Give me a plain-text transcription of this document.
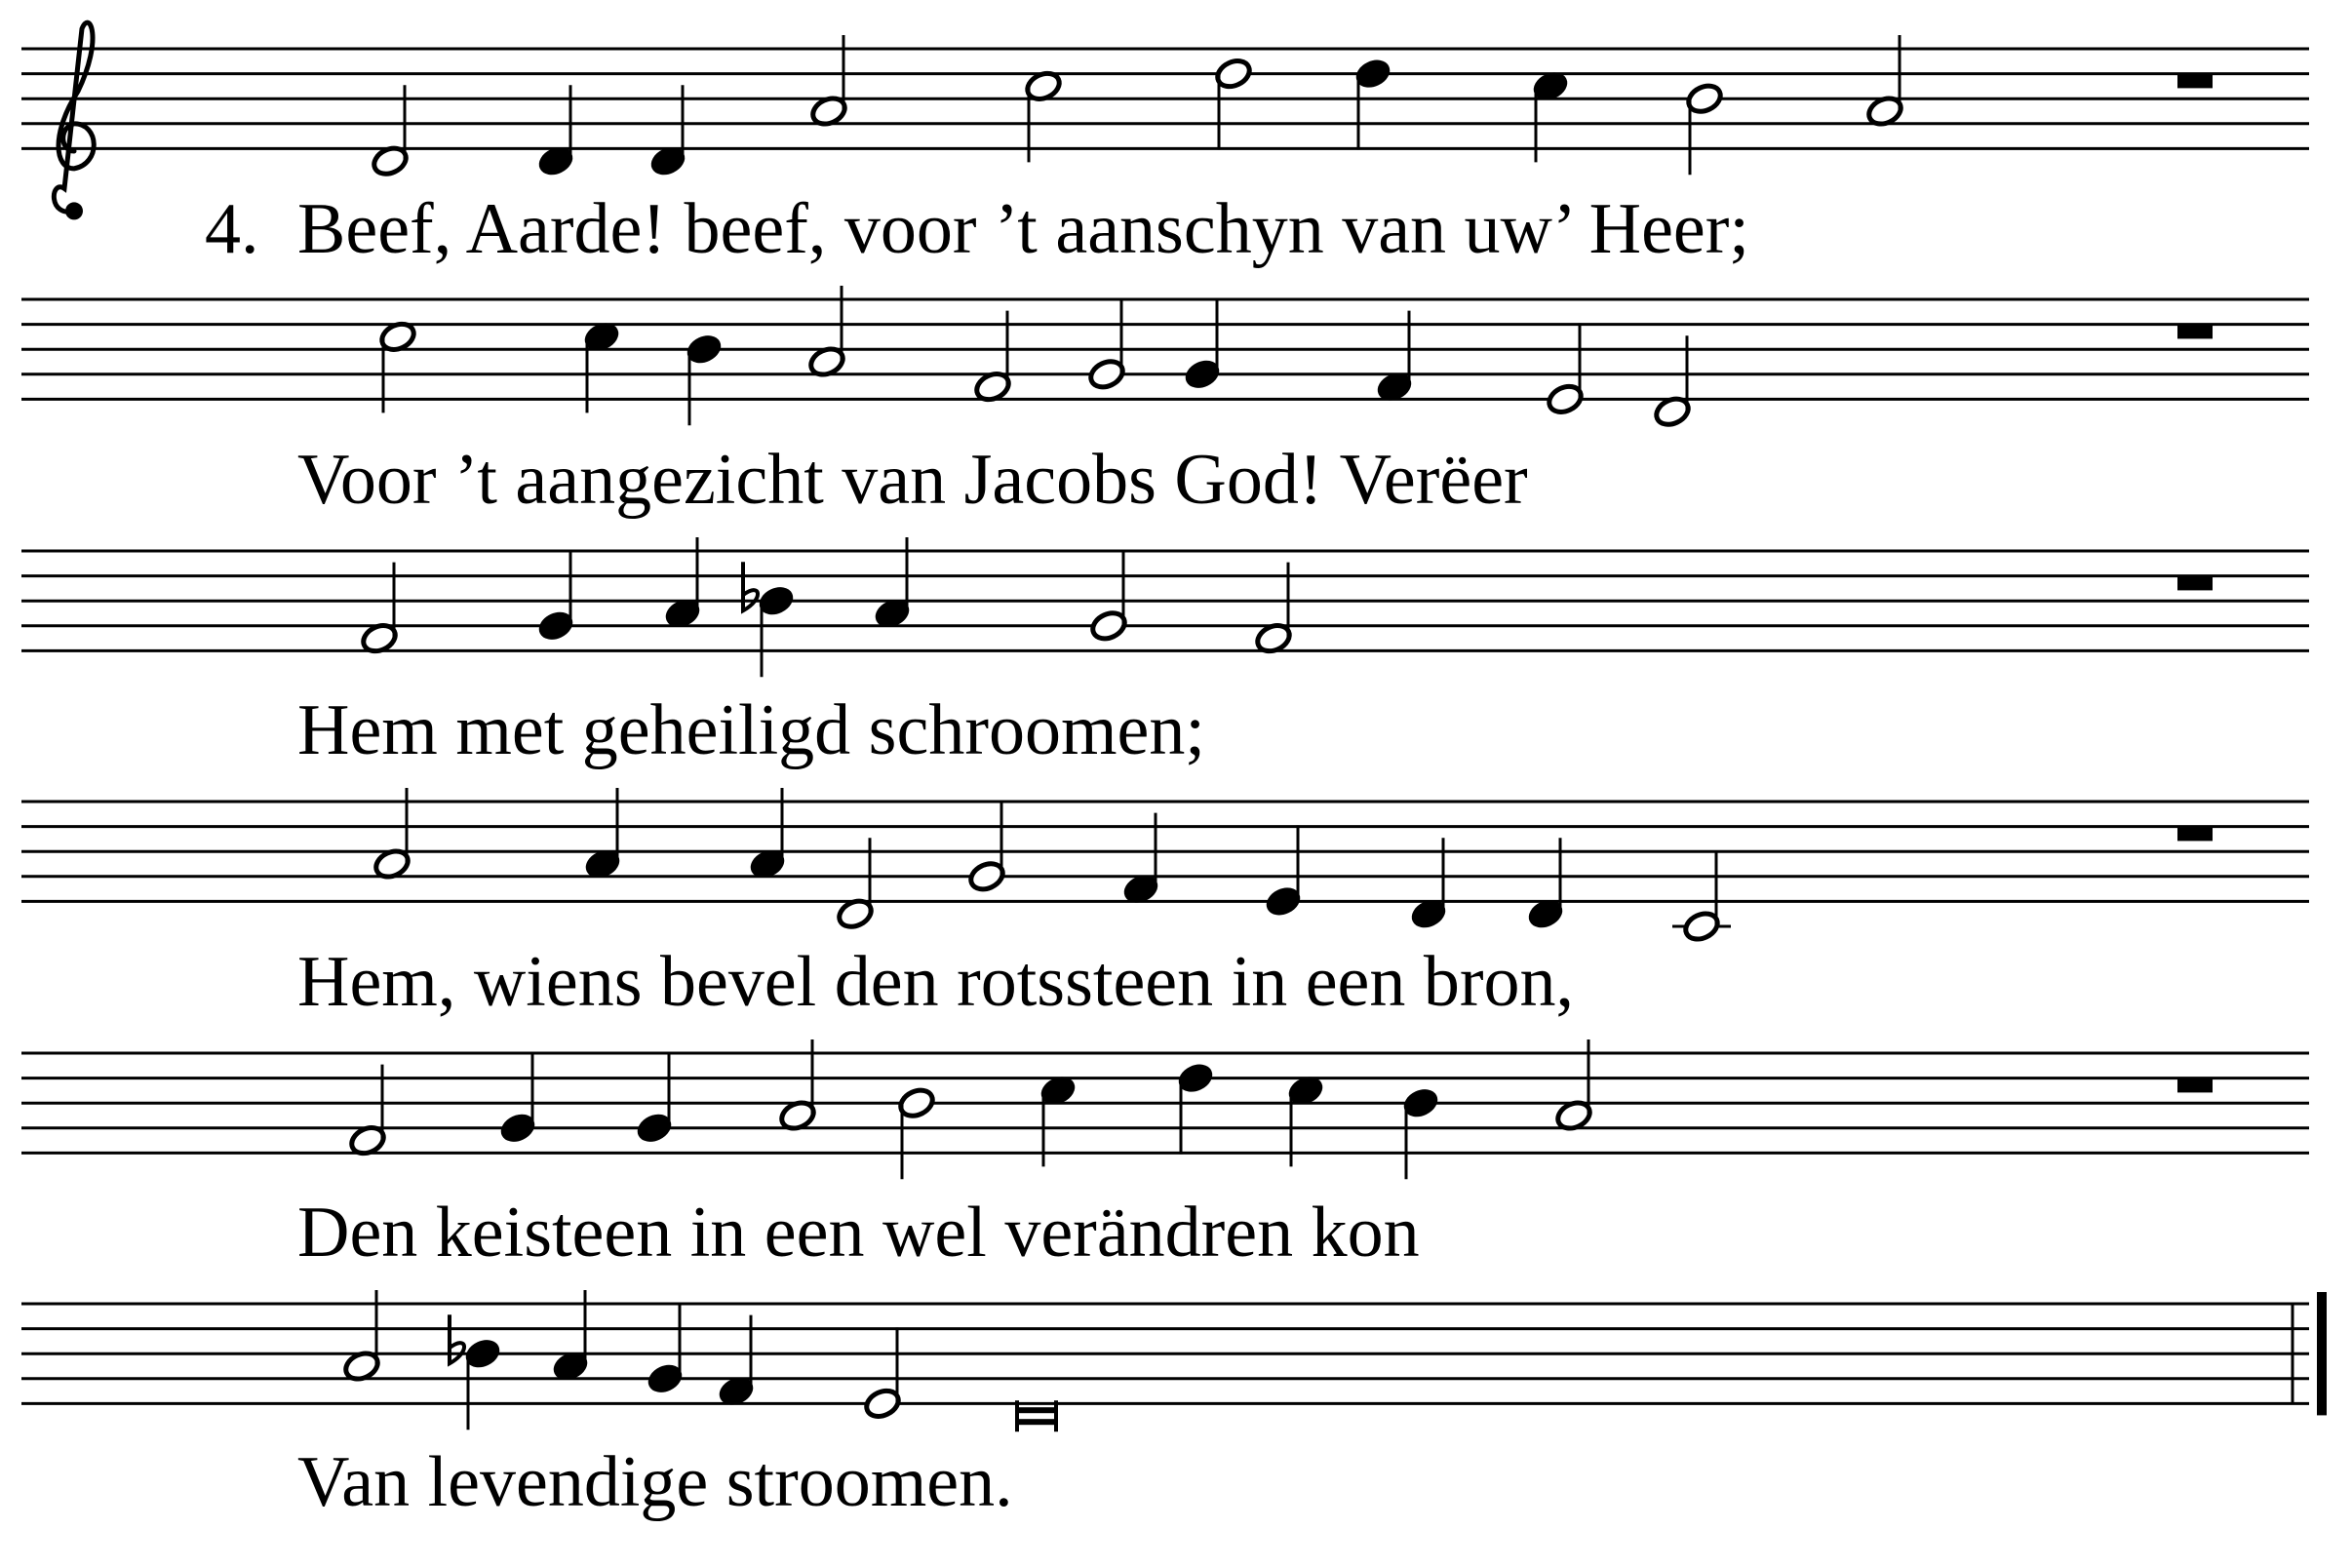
4. Beef, Aarde! beef, voor ’t aanschyn van uw’ Heer;
Voor ’t aangezicht van Jacobs God! Verëer
Hem met geheiligd schroomen;
Hem, wiens bevel den rotssteen in een bron,
Den keisteen in een wel verändren kon
Van levendige stroomen.
